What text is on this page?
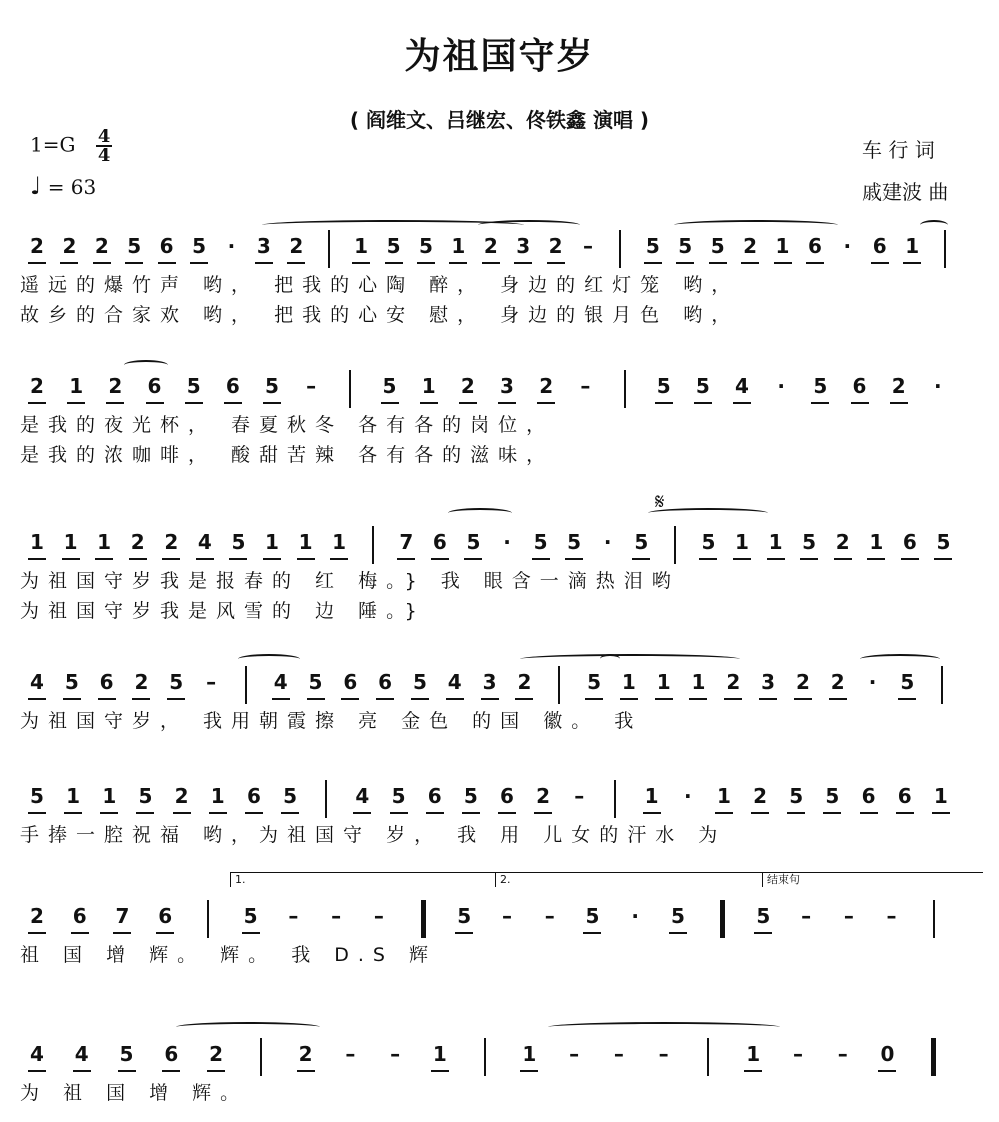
为祖国守岁
( 阎维文、吕继宏、佟铁鑫 演唱 )
$1=G \frac{4}{4}$
♩ = 63
车 行 词
戚建波 曲
2 2 2 5 6 5	·	3 2	1 5 5 1 2 3 2	–	5 5 5 2 1 6	·	6 1
遥远的爆竹声 哟， 把我的心陶 醉， 身边的红灯笼 哟，
故乡的合家欢 哟， 把我的心安 慰， 身边的银月色 哟，
2 1 2 6 5 6 5	–	5 1 2 3 2	–	5 5 4	·	5 6 2	·
是我的夜光杯， 春夏秋冬 各有各的岗位，
是我的浓咖啡， 酸甜苦辣 各有各的滋味，
1 1 1 2 2 4 5 1 1 1	7 6 5	·	5 5	·	5	5 1 1 5 2 1 6 5
为祖国守岁我是报春的 红 梅。} 我 眼含一滴热泪哟
为祖国守岁我是风雪的 边 陲。}
4 5 6 2 5	–	4 5 6 6 5 4 3 2	5 1 1 1 2 3 2 2	·	5
为祖国守岁， 我用朝霞擦 亮 金色 的国 徽。 我
5 1 1 5 2 1 6 5	4 5 6 5 6 2	–	1	·	1 2 5 5 6 6 1
手捧一腔祝福 哟，为祖国守 岁， 我 用 儿女的汗水 为
2 6 7 6	5	–	–	–	5	–	–	5	·	5	5	–	–	–
祖 国 增 辉。 辉。 我 D.S 辉
1.	2.	结束句
4 4 5 6 2	2	–	–	1	1	–	–	–	1	–	–	0
为 祖 国 增 辉。
𝄋
